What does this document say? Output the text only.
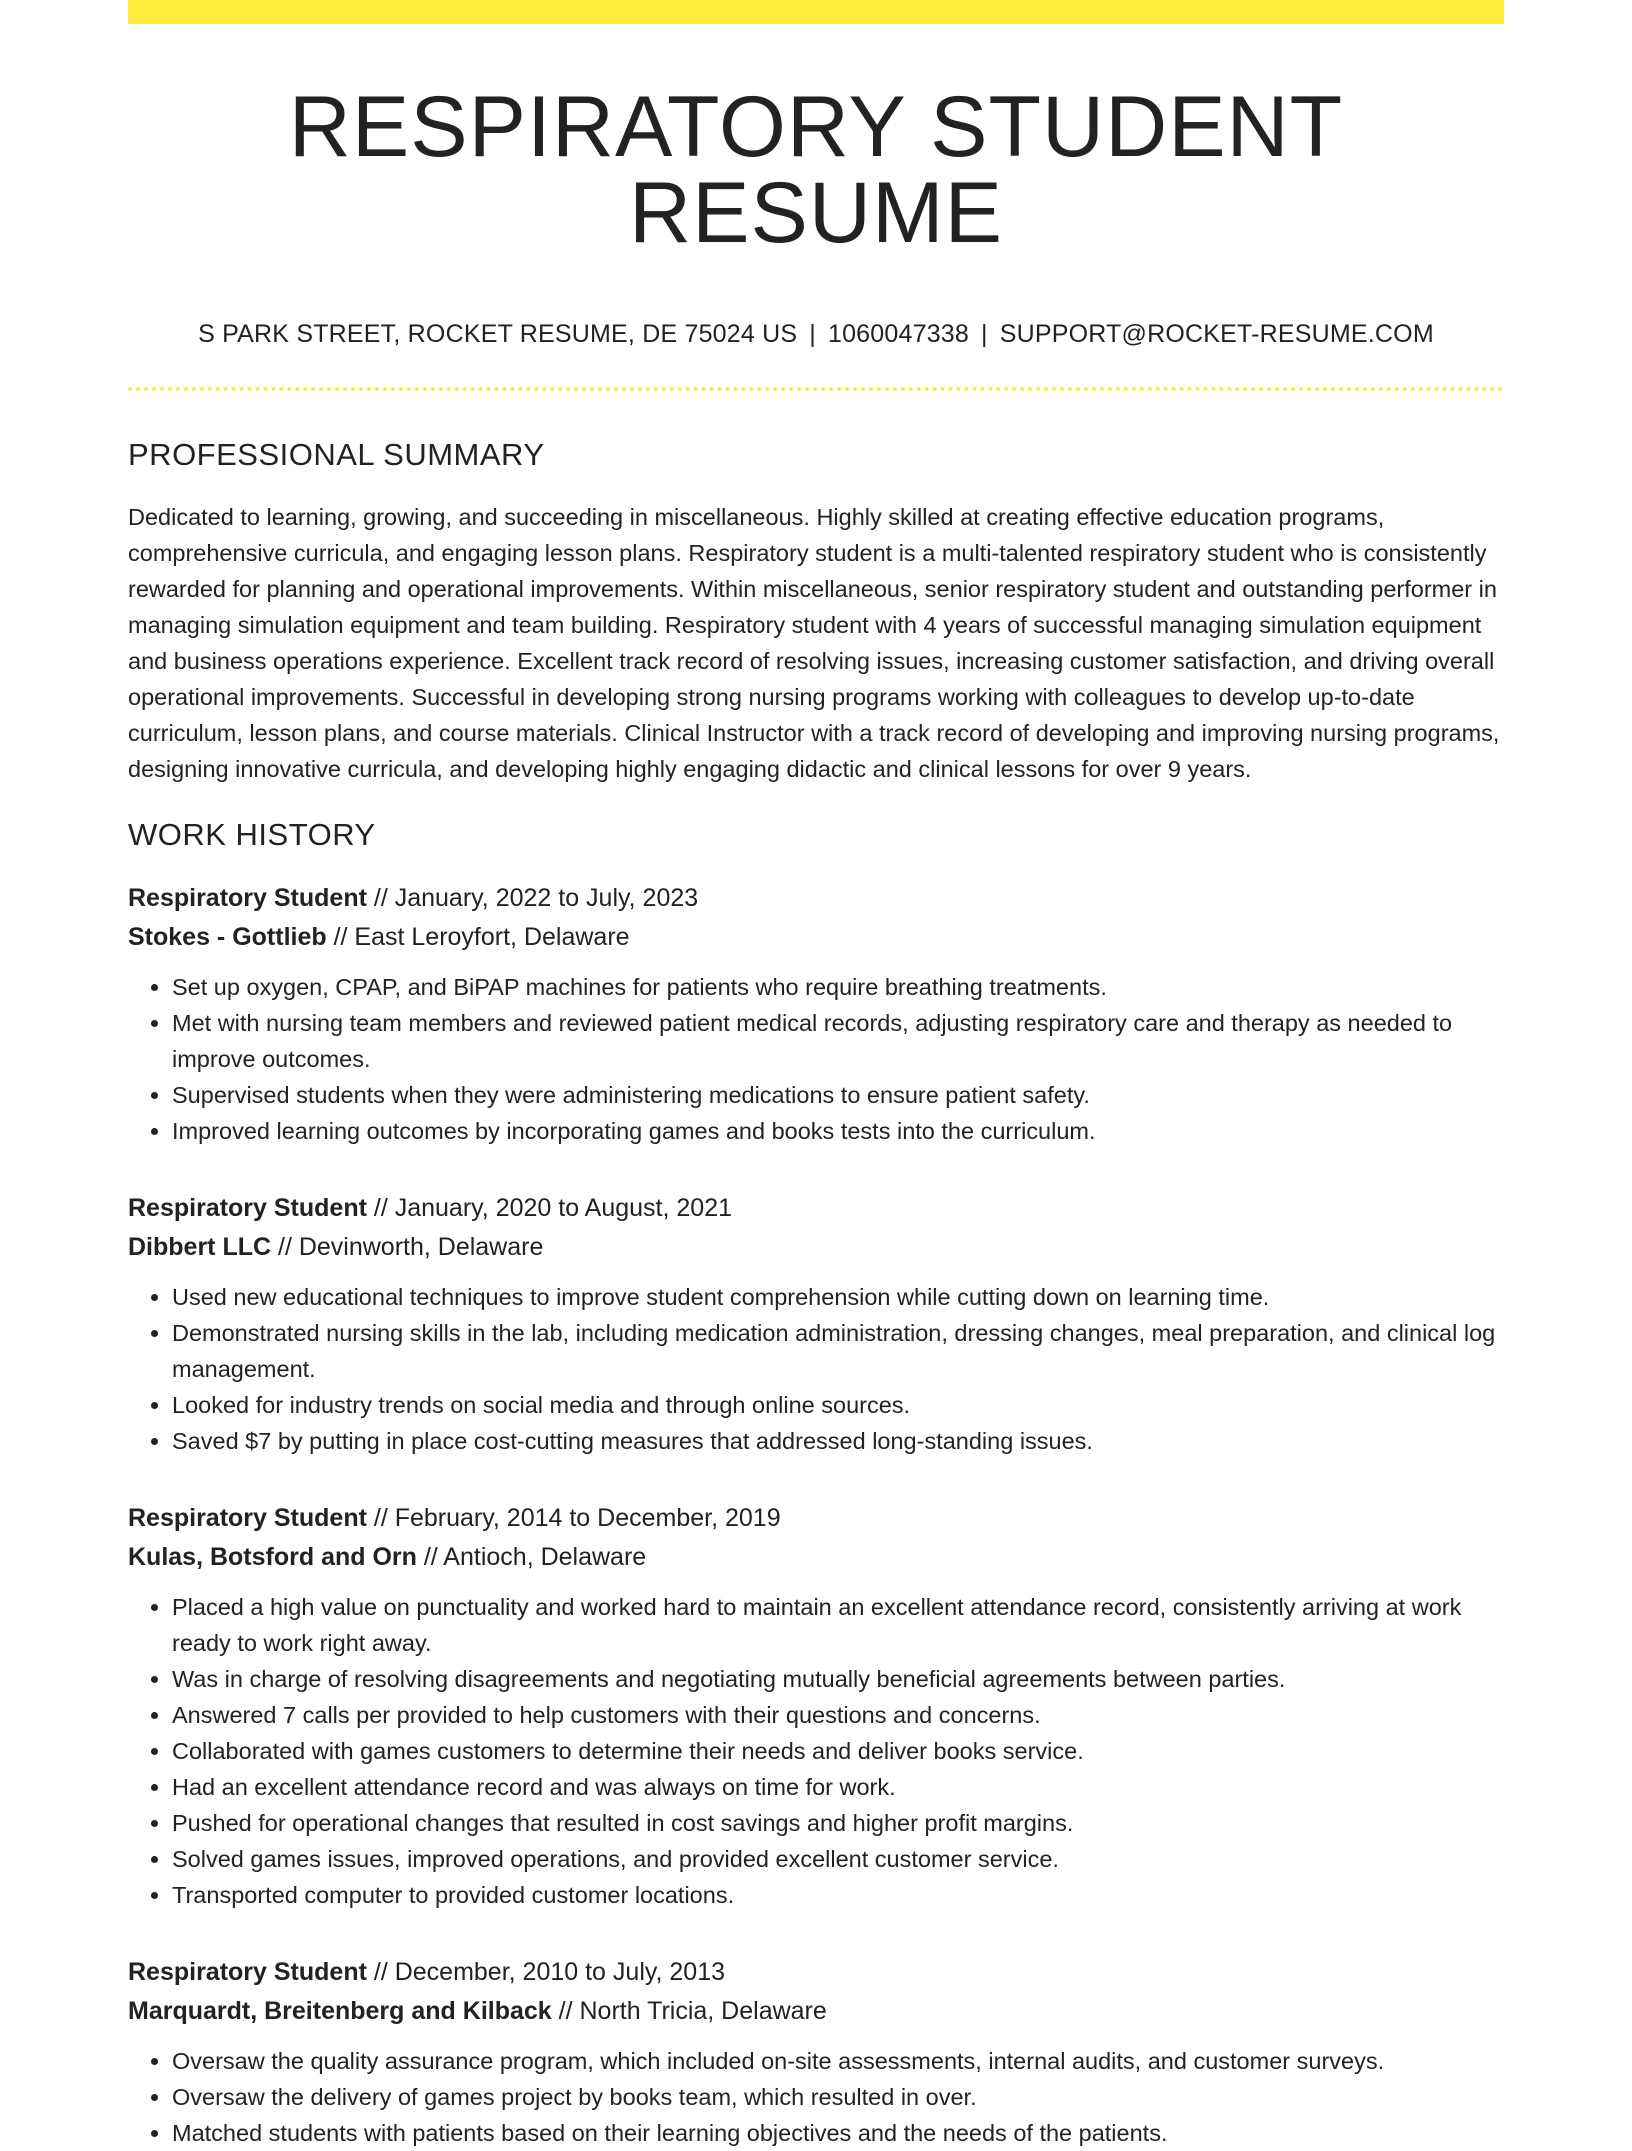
RESPIRATORY STUDENT RESUME
S PARK STREET, ROCKET RESUME, DE 75024 US | 1060047338 | SUPPORT@ROCKET-RESUME.COM
PROFESSIONAL SUMMARY

Dedicated to learning, growing, and succeeding in miscellaneous. Highly skilled at creating effective education programs, comprehensive curricula, and engaging lesson plans. Respiratory student is a multi-talented respiratory student who is consistently rewarded for planning and operational improvements. Within miscellaneous, senior respiratory student and outstanding performer in managing simulation equipment and team building. Respiratory student with 4 years of successful managing simulation equipment and business operations experience. Excellent track record of resolving issues, increasing customer satisfaction, and driving overall operational improvements. Successful in developing strong nursing programs working with colleagues to develop up-to-date curriculum, lesson plans, and course materials. Clinical Instructor with a track record of developing and improving nursing programs, designing innovative curricula, and developing highly engaging didactic and clinical lessons for over 9 years.

WORK HISTORY
Respiratory Student // January, 2022 to July, 2023
Stokes - Gottlieb // East Leroyfort, Delaware
• Set up oxygen, CPAP, and BiPAP machines for patients who require breathing treatments.
• Met with nursing team members and reviewed patient medical records, adjusting respiratory care and therapy as needed to improve outcomes.
• Supervised students when they were administering medications to ensure patient safety.
• Improved learning outcomes by incorporating games and books tests into the curriculum.
Respiratory Student // January, 2020 to August, 2021
Dibbert LLC // Devinworth, Delaware
• Used new educational techniques to improve student comprehension while cutting down on learning time.
• Demonstrated nursing skills in the lab, including medication administration, dressing changes, meal preparation, and clinical log management.
• Looked for industry trends on social media and through online sources.
• Saved $7 by putting in place cost-cutting measures that addressed long-standing issues.
Respiratory Student // February, 2014 to December, 2019
Kulas, Botsford and Orn // Antioch, Delaware
• Placed a high value on punctuality and worked hard to maintain an excellent attendance record, consistently arriving at work ready to work right away.
• Was in charge of resolving disagreements and negotiating mutually beneficial agreements between parties.
• Answered 7 calls per provided to help customers with their questions and concerns.
• Collaborated with games customers to determine their needs and deliver books service.
• Had an excellent attendance record and was always on time for work.
• Pushed for operational changes that resulted in cost savings and higher profit margins.
• Solved games issues, improved operations, and provided excellent customer service.
• Transported computer to provided customer locations.
Respiratory Student // December, 2010 to July, 2013
Marquardt, Breitenberg and Kilback // North Tricia, Delaware
• Oversaw the quality assurance program, which included on-site assessments, internal audits, and customer surveys.
• Oversaw the delivery of games project by books team, which resulted in over.
• Matched students with patients based on their learning objectives and the needs of the patients.
